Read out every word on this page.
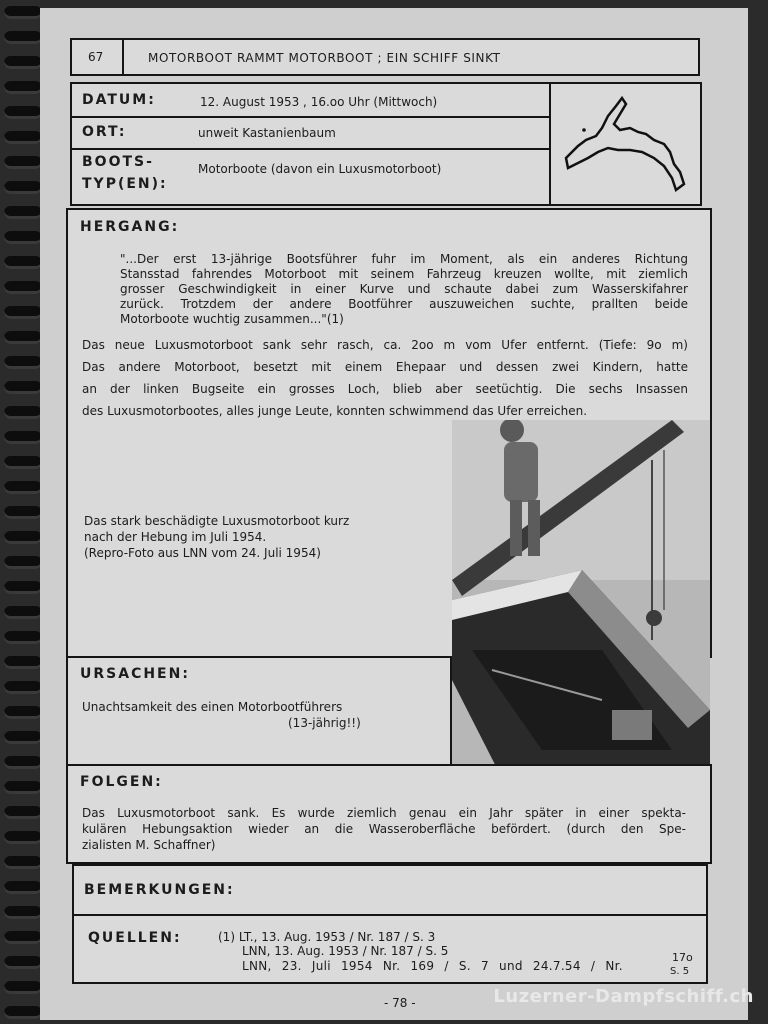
67	MOTORBOOT RAMMT MOTORBOOT ; EIN SCHIFF SINKT
DATUM:	12. August 1953 , 16.oo Uhr (Mittwoch)
ORT:	unweit Kastanienbaum
BOOTS-
TYP(EN):
Motorboote (davon ein Luxusmotorboot)
HERGANG:
"...Der erst 13-jährige Bootsführer fuhr im Moment, als ein anderes Richtung
Stansstad fahrendes Motorboot mit seinem Fahrzeug kreuzen wollte, mit ziemlich
grosser Geschwindigkeit in einer Kurve und schaute dabei zum Wasserskifahrer
zurück. Trotzdem der andere Bootführer auszuweichen suchte, prallten beide
Motorboote wuchtig zusammen..."(1)
Das neue Luxusmotorboot sank sehr rasch, ca. 2oo m vom Ufer entfernt. (Tiefe: 9o m)
Das andere Motorboot, besetzt mit einem Ehepaar und dessen zwei Kindern, hatte
an der linken Bugseite ein grosses Loch, blieb aber seetüchtig. Die sechs Insassen
des Luxusmotorbootes, alles junge Leute, konnten schwimmend das Ufer erreichen.
Das stark beschädigte Luxusmotorboot kurz
nach der Hebung im Juli 1954.
(Repro-Foto aus LNN vom 24. Juli 1954)
URSACHEN:
Unachtsamkeit des einen Motorbootführers
(13-jährig!!)
FOLGEN:
Das Luxusmotorboot sank. Es wurde ziemlich genau ein Jahr später in einer spekta-
kulären Hebungsaktion wieder an die Wasseroberfläche befördert. (durch den Spe-
zialisten M. Schaffner)
BEMERKUNGEN:
QUELLEN:	(1) LT., 13. Aug. 1953 / Nr. 187 / S. 3
LNN, 13. Aug. 1953 / Nr. 187 / S. 5
LNN, 23. Juli 1954 Nr. 169 / S. 7 und 24.7.54 / Nr.
17o
S. 5
- 78 -	Luzerner-Dampfschiff.ch
